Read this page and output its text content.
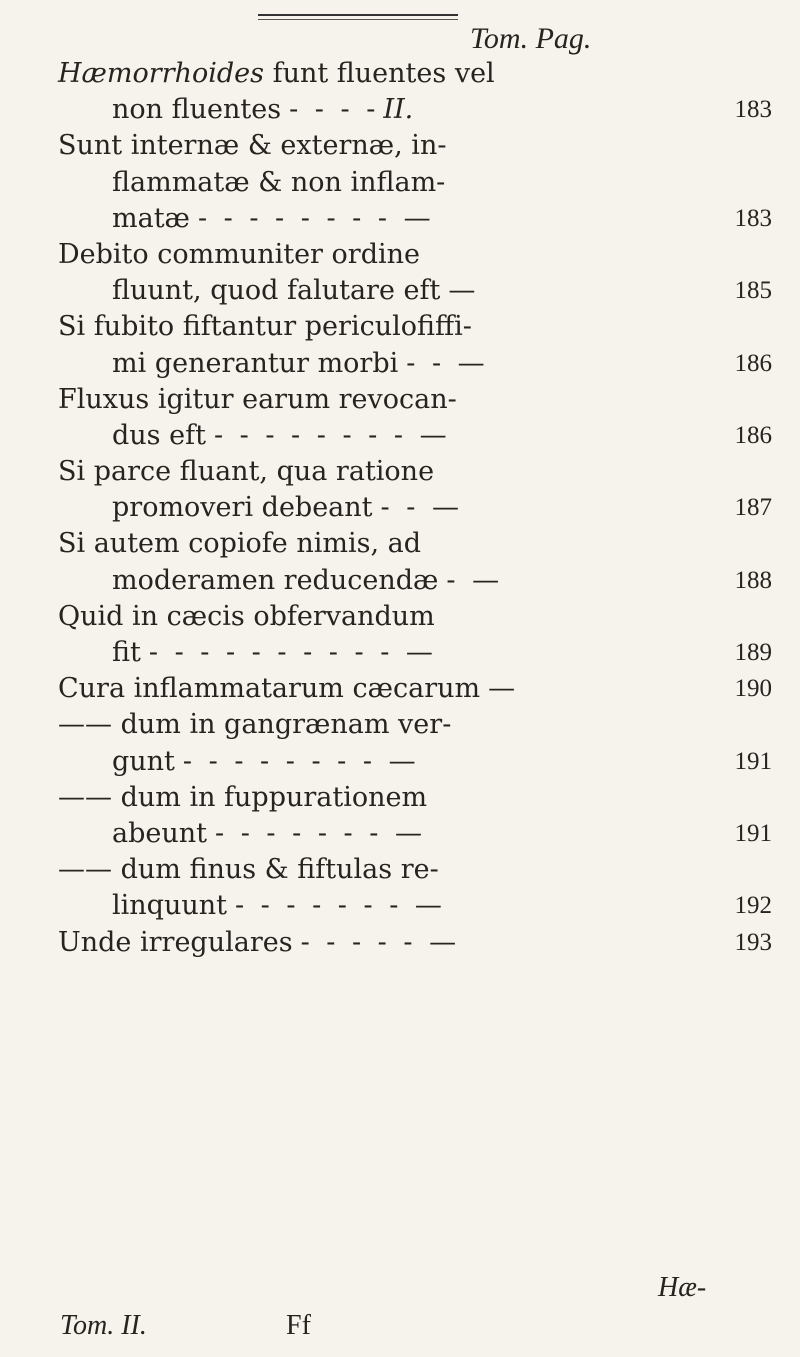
Tom. Pag.
Hæmorrhoides funt fluentes vel
non fluentes - - - - II.	183
Sunt internæ & externæ, in-
flammatæ & non inflam-
matæ - - - - - - - - —	183
Debito communiter ordine
fluunt, quod falutare eft —	185
Si fubito fiftantur periculofiffi-
mi generantur morbi - - —	186
Fluxus igitur earum revocan-
dus eft - - - - - - - - —	186
Si parce fluant, qua ratione
promoveri debeant - - —	187
Si autem copiofe nimis, ad
moderamen reducendæ - —	188
Quid in cæcis obfervandum
fit - - - - - - - - - - —	189
Cura inflammatarum cæcarum —	190
—— dum in gangrænam ver-
gunt - - - - - - - - —	191
—— dum in fuppurationem
abeunt - - - - - - - —	191
—— dum finus & fiftulas re-
linquunt - - - - - - - —	192
Unde irregulares - - - - - —	193
Hæ-
Tom. II.	Ff
